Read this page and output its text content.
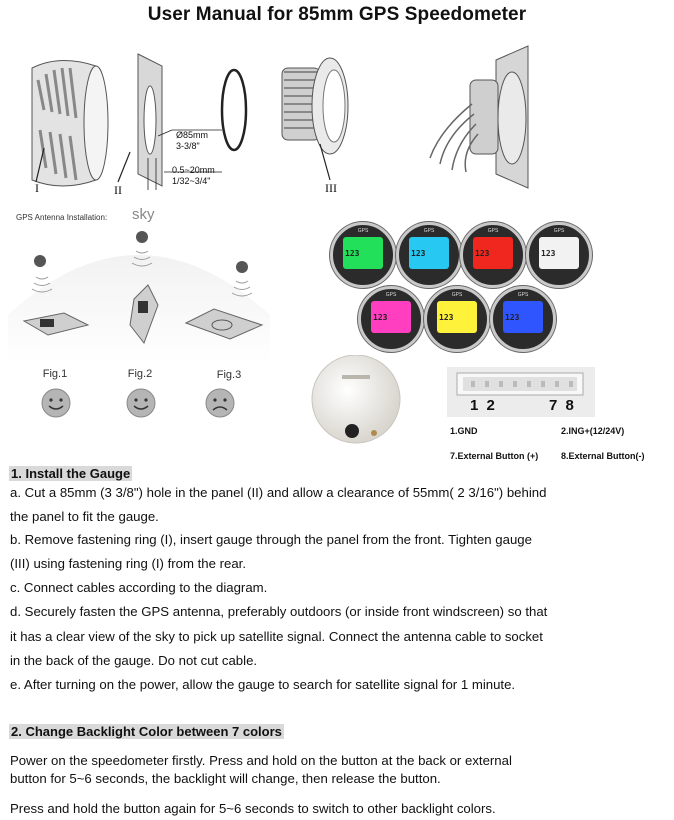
User Manual for 85mm GPS Speedometer
I	II	III
Ø85mm
3-3/8"
0.5~20mm
1/32~3/4"
GPS Antenna Installation: sky
Fig.1	Fig.2	Fig.3
GPS
123
GPS
123
GPS
123
GPS
123
GPS
123
GPS
123
GPS
123
1 2	7 8
1.GND	2.ING+(12/24V)
7.External Button (+)	8.External Button(-)
1. Install the Gauge
a. Cut a 85mm (3 3/8") hole in the panel (II) and allow a clearance of 55mm( 2 3/16") behind
the panel to fit the gauge.
b. Remove fastening ring (I), insert gauge through the panel from the front. Tighten gauge
(III) using fastening ring (I) from the rear.
c. Connect cables according to the diagram.
d. Securely fasten the GPS antenna, preferably outdoors (or inside front windscreen) so that
it has a clear view of the sky to pick up satellite signal. Connect the antenna cable to socket
in the back of the gauge. Do not cut cable.
e. After turning on the power, allow the gauge to search for satellite signal for 1 minute.
2. Change Backlight Color between 7 colors
Power on the speedometer firstly. Press and hold on the button at the back or external
button for 5~6 seconds, the backlight will change, then release the button.
Press and hold the button again for 5~6 seconds to switch to other backlight colors.
